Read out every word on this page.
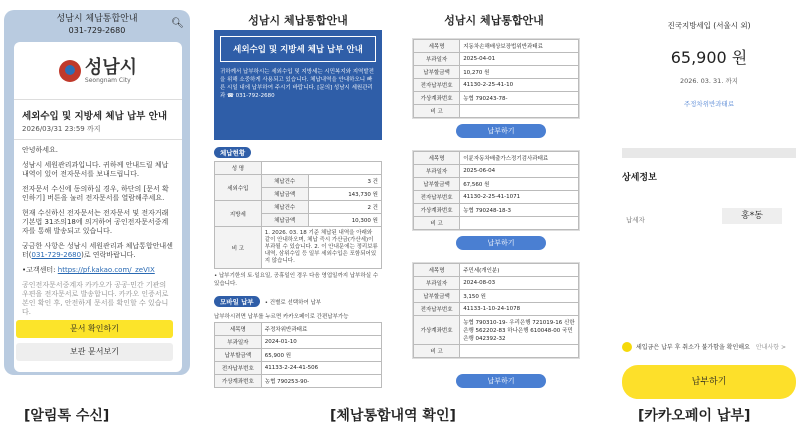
성남시 체납통합안내
031-729-2680
🔍︎
성남시
Seongnam City
세외수입 및 지방세 체납 납부 안내
2026/03/31 23:59 까지

안녕하세요.

성남시 세원관리과입니다. 귀하께 안내드릴 체납 내역이 있어 전자문서를 보내드립니다.

전자문서 수신에 동의하실 경우, 하단의 [문서 확인하기] 버튼을 눌러 전자문서를 열람해주세요.

현재 수신하신 전자문서는 전자문서 및 전자거래기본법 31조의18에 의거하여 공인전자문서중계자를 통해 발송되고 있습니다.

궁금한 사항은 성남시 세원관리과 체납통합안내센터(031-729-2680)로 연락바랍니다.

•고객센터: https://pf.kakao.com/_zeVIX

공인전자문서중계자 카카오가 공공·민간 기관의 우편을 전자문서로 발송합니다. 카카오 인증서로 본인 확인 후, 안전하게 문서를 확인할 수 있습니다.

문서 확인하기
보관 문서보기
[알림톡 수신]
성남시 체납통합안내
세외수입 및 지방세 체납 납부 안내
귀하께서 납부하시는 세외수입 및 지방세는 시민복지와 지역발전을 위해 소중하게 사용되고 있습니다. 체납내역을 안내하오니 빠른 시일 내에 납부하여 주시기 바랍니다. [문의] 성남시 세원관리과 ☎ 031-792-2680
체납현황
성 명		
세외수입	체납건수	3 건
	체납금액	143,730 원
지방세	체납건수	2 건
	체납금액	10,300 원
비 고	1. 2026. 03. 18 기준 체납된 내역을 아래와 같이 안내하오며, 체납 즉시 가산금(가산세)이 부과될 수 있습니다. 2. 이 안내문에는 정리보류내역, 삼위수입 등 일부 세외수입은 포함되어있지 않습니다.	
• 납부기한의 토·일요일, 공휴일인 경우 다음 영업일까지 납부하실 수 있습니다.
모바일 납부 • 건별로 선택하여 납부
납부하시려면 납부를 누르면 카카오페이로 간편납부가능
세목명	주정차위반과태료
부과일자	2024-01-10
납부할금액	65,900 원
전자납부번호	41133-2-24-41-506
가상계좌번호	농협 790253-90-
[체납통합내역 확인]
성남시 체납통합안내
세목명	지동차손해배상보장법위반과태료
부과일자	2025-04-01
납부할금액	10,270 원
전자납부번호	41130-2-25-41-10
가상계좌번호	농협 790243-78-
비 고	
납부하기
세목명	이륜자동차배출가스정기검사과태료
부과일자	2025-06-04
납부할금액	67,560 원
전자납부번호	41130-2-25-41-1071
가상계좌번호	농협 790248-18-3
비 고	
납부하기
세목명	주민세(개인분)
부과일자	2024-08-03
납부할금액	3,150 원
전자납부번호	41133-1-10-24-1078
가상계좌번호	농협 790310-19- 우리은행 721019-16 신한은행 562202-83 하나은행 610048-00 국민은행 042392-32
비 고	
납부하기
진국지방세입 (서울시 외)
65,900 원
2026. 03. 31. 까지
주정차위반과태료
상세정보
납세자	홍*동
세입금은 납부 후 취소가 불가함을 확인해요 안내사항 >
납부하기
[카카오페이 납부]
